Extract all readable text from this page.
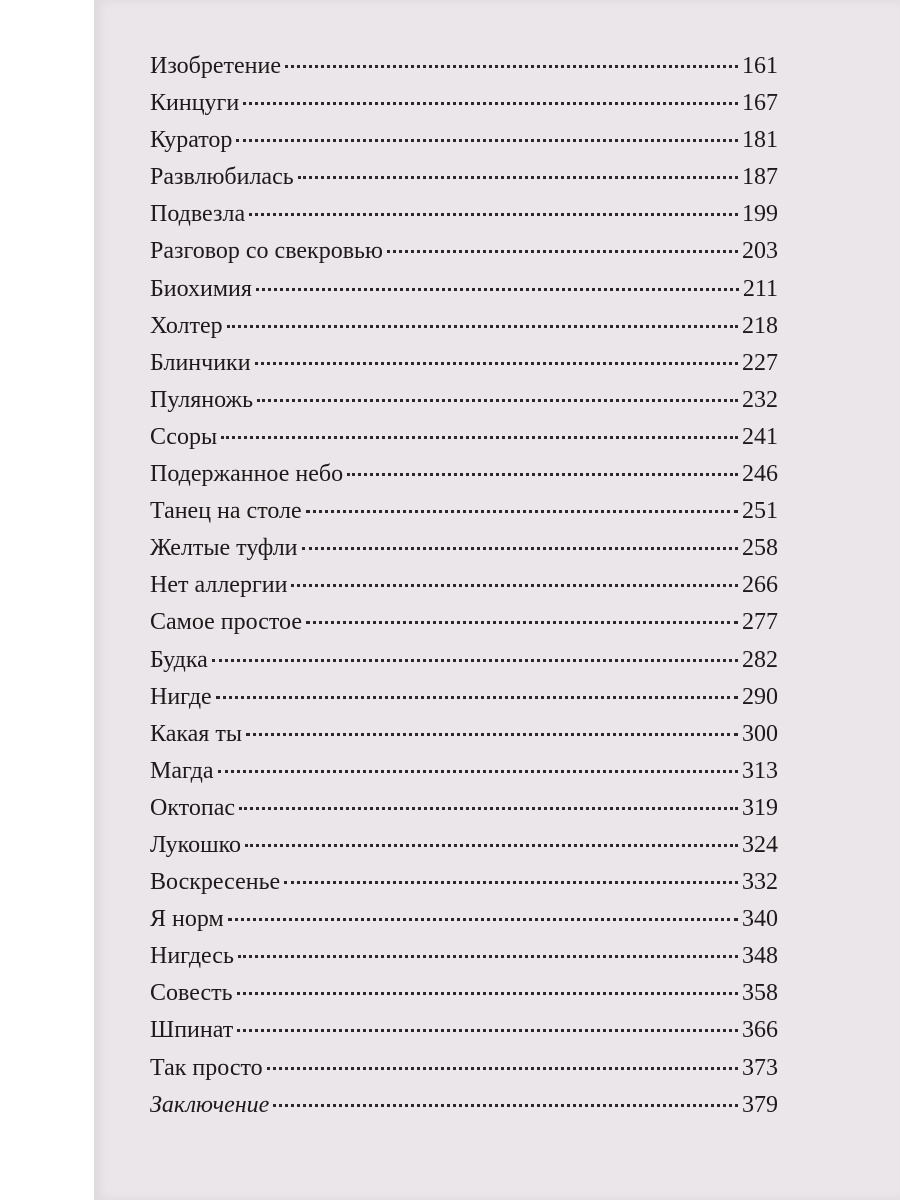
Изобретение	161
Кинцуги	167
Куратор	181
Развлюбилась	187
Подвезла	199
Разговор со свекровью	203
Биохимия	211
Холтер	218
Блинчики	227
Пуляножь	232
Ссоры	241
Подержанное небо	246
Танец на столе	251
Желтые туфли	258
Нет аллергии	266
Самое простое	277
Будка	282
Нигде	290
Какая ты	300
Магда	313
Октопас	319
Лукошко	324
Воскресенье	332
Я норм	340
Нигдесь	348
Совесть	358
Шпинат	366
Так просто	373
Заключение	379
